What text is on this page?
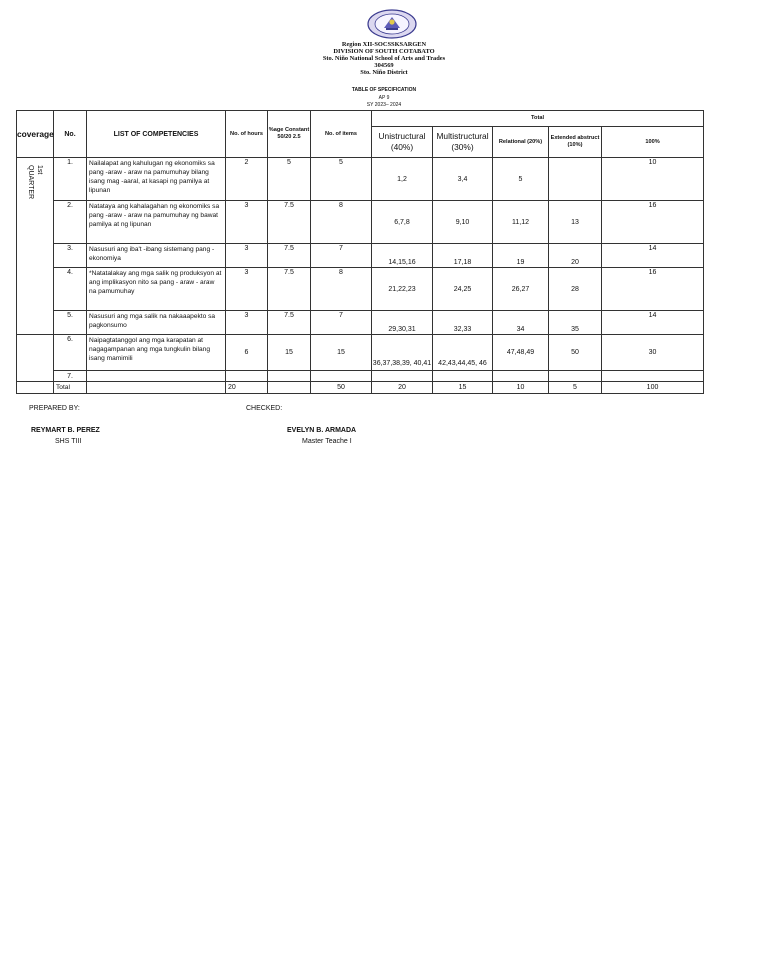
Region XII-SOCSSKSARGEN
DIVISION OF SOUTH COTABATO
Sto. Niño National School of Arts and Trades
304569
Sto. Niño District
TABLE OF SPECIFICATION
AP 9
SY 2023– 2024
coverage	No.	LIST OF COMPETENCIES	No. of hours	%age Constant 50/20 2.5	No. of items	Total				
						Unistructural (40%)	Multistructural (30%)	Relational (20%)	Extended abstruct (10%)	100%

1st QUARTER	1.	Nailalapat ang kahulugan ng ekonomiks sa pang -araw - araw na pamumuhay bilang isang mag -aaral, at kasapi ng pamilya at lipunan	2	5	5	1,2	3,4	5		10
	2.	Natataya ang kahalagahan ng ekonomiks sa pang -araw - araw na pamumuhay ng bawat pamilya at ng lipunan	3	7.5	8	6,7,8	9,10	11,12	13	16
	3.	Nasusuri ang iba't -ibang sistemang pang -ekonomiya	3	7.5	7	14,15,16	17,18	19	20	14
	4.	*Natatalakay ang mga salik ng produksyon at ang implikasyon nito sa pang - araw - araw na pamumuhay	3	7.5	8	21,22,23	24,25	26,27	28	16
	5.	Nasusuri ang mga salik na nakaaapekto sa pagkonsumo	3	7.5	7	29,30,31	32,33	34	35	14
	6.	Naipagtatanggol ang mga karapatan at nagagampanan ang mga tungkulin bilang isang mamimili	6	15	15	36,37,38,39, 40,41	42,43,44,45, 46	47,48,49	50	30
	7.									
	Total		20		50	20	15	10	5	100
PREPARED BY:	CHECKED:
REYMART B. PEREZ
SHS TIII
EVELYN B. ARMADA
Master Teache I
